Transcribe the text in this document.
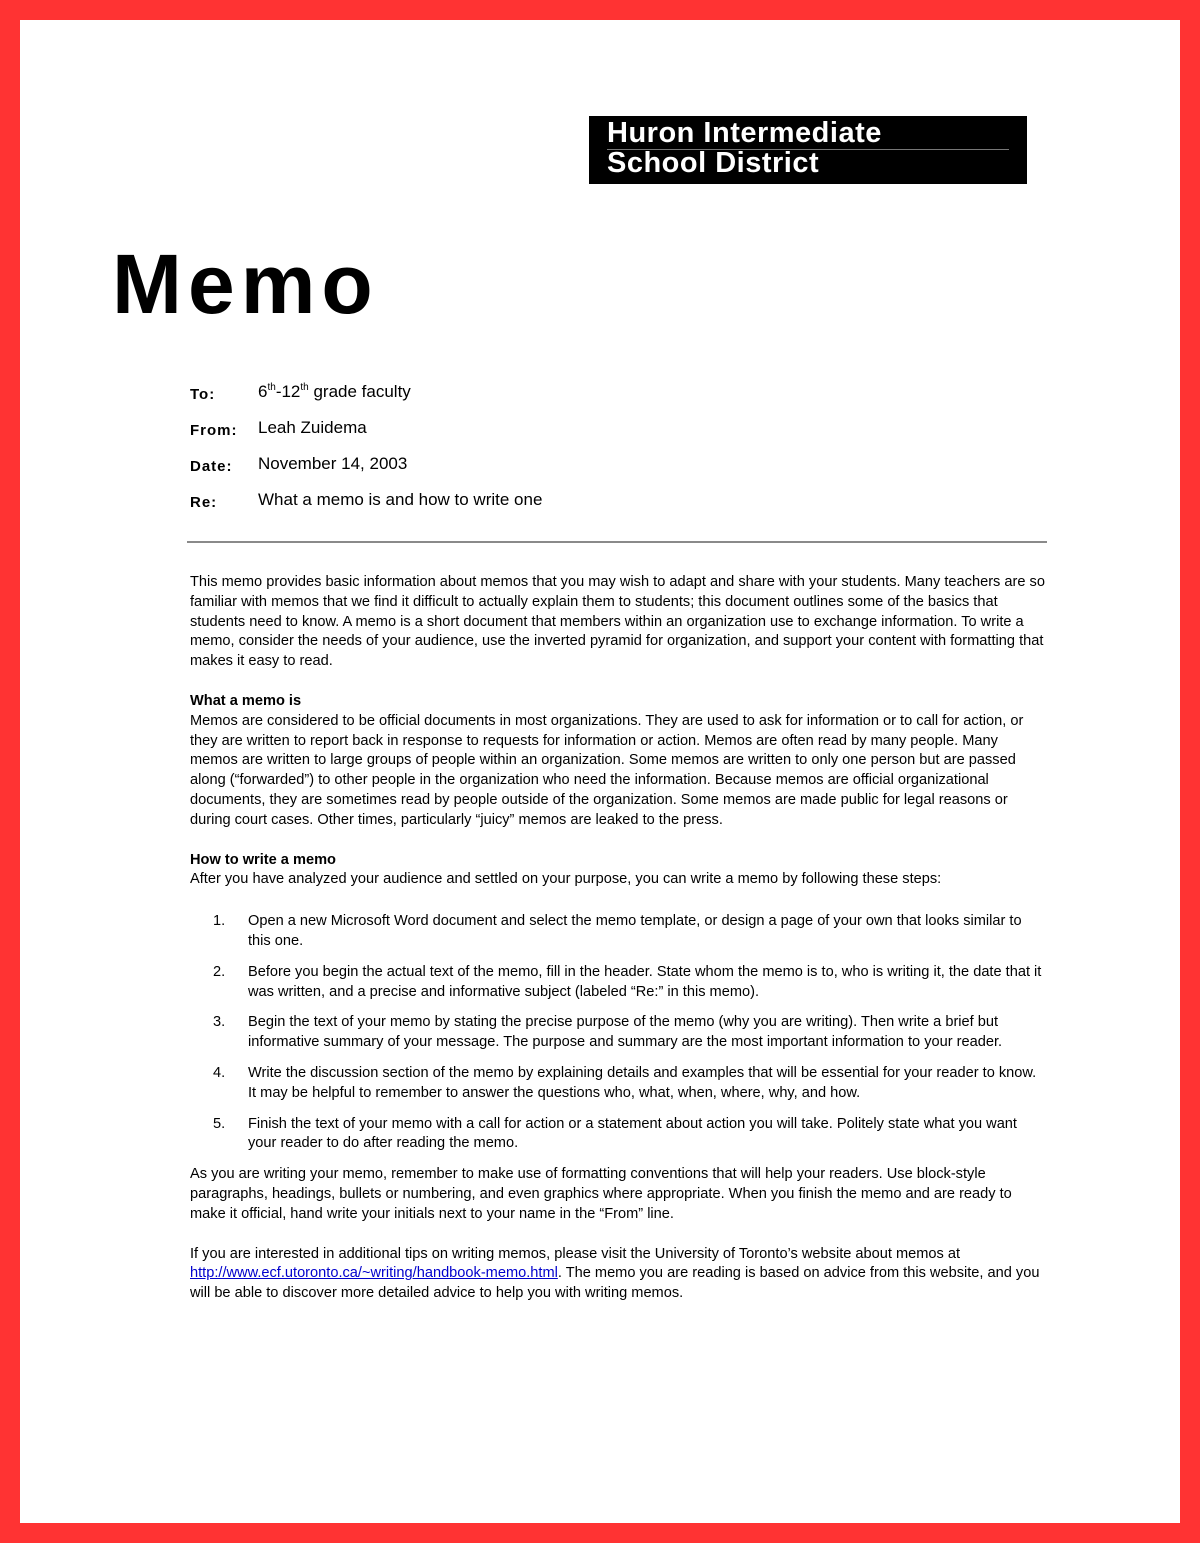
Huron Intermediate
School District
Memo
To:	6th-12th grade faculty
From: Leah Zuidema
Date: November 14, 2003
Re: What a memo is and how to write one

This memo provides basic information about memos that you may wish to adapt and share with your students. Many teachers are so familiar with memos that we find it difficult to actually explain them to students; this document outlines some of the basics that students need to know. A memo is a short document that members within an organization use to exchange information. To write a memo, consider the needs of your audience, use the inverted pyramid for organization, and support your content with formatting that makes it easy to read.

What a memo is

Memos are considered to be official documents in most organizations. They are used to ask for information or to call for action, or they are written to report back in response to requests for information or action. Memos are often read by many people. Many memos are written to large groups of people within an organization. Some memos are written to only one person but are passed along (“forwarded”) to other people in the organization who need the information. Because memos are official organizational documents, they are sometimes read by people outside of the organization. Some memos are made public for legal reasons or during court cases. Other times, particularly “juicy” memos are leaked to the press.

How to write a memo

After you have analyzed your audience and settled on your purpose, you can write a memo by following these steps:

1. Open a new Microsoft Word document and select the memo template, or design a page of your own that looks similar to this one.
2. Before you begin the actual text of the memo, fill in the header. State whom the memo is to, who is writing it, the date that it was written, and a precise and informative subject (labeled “Re:” in this memo).
3. Begin the text of your memo by stating the precise purpose of the memo (why you are writing). Then write a brief but informative summary of your message. The purpose and summary are the most important information to your reader.
4. Write the discussion section of the memo by explaining details and examples that will be essential for your reader to know. It may be helpful to remember to answer the questions who, what, when, where, why, and how.
5. Finish the text of your memo with a call for action or a statement about action you will take. Politely state what you want your reader to do after reading the memo.

As you are writing your memo, remember to make use of formatting conventions that will help your readers. Use block-style paragraphs, headings, bullets or numbering, and even graphics where appropriate. When you finish the memo and are ready to make it official, hand write your initials next to your name in the “From” line.

If you are interested in additional tips on writing memos, please visit the University of Toronto’s website about memos at http://www.ecf.utoronto.ca/~writing/handbook-memo.html. The memo you are reading is based on advice from this website, and you will be able to discover more detailed advice to help you with writing memos.
